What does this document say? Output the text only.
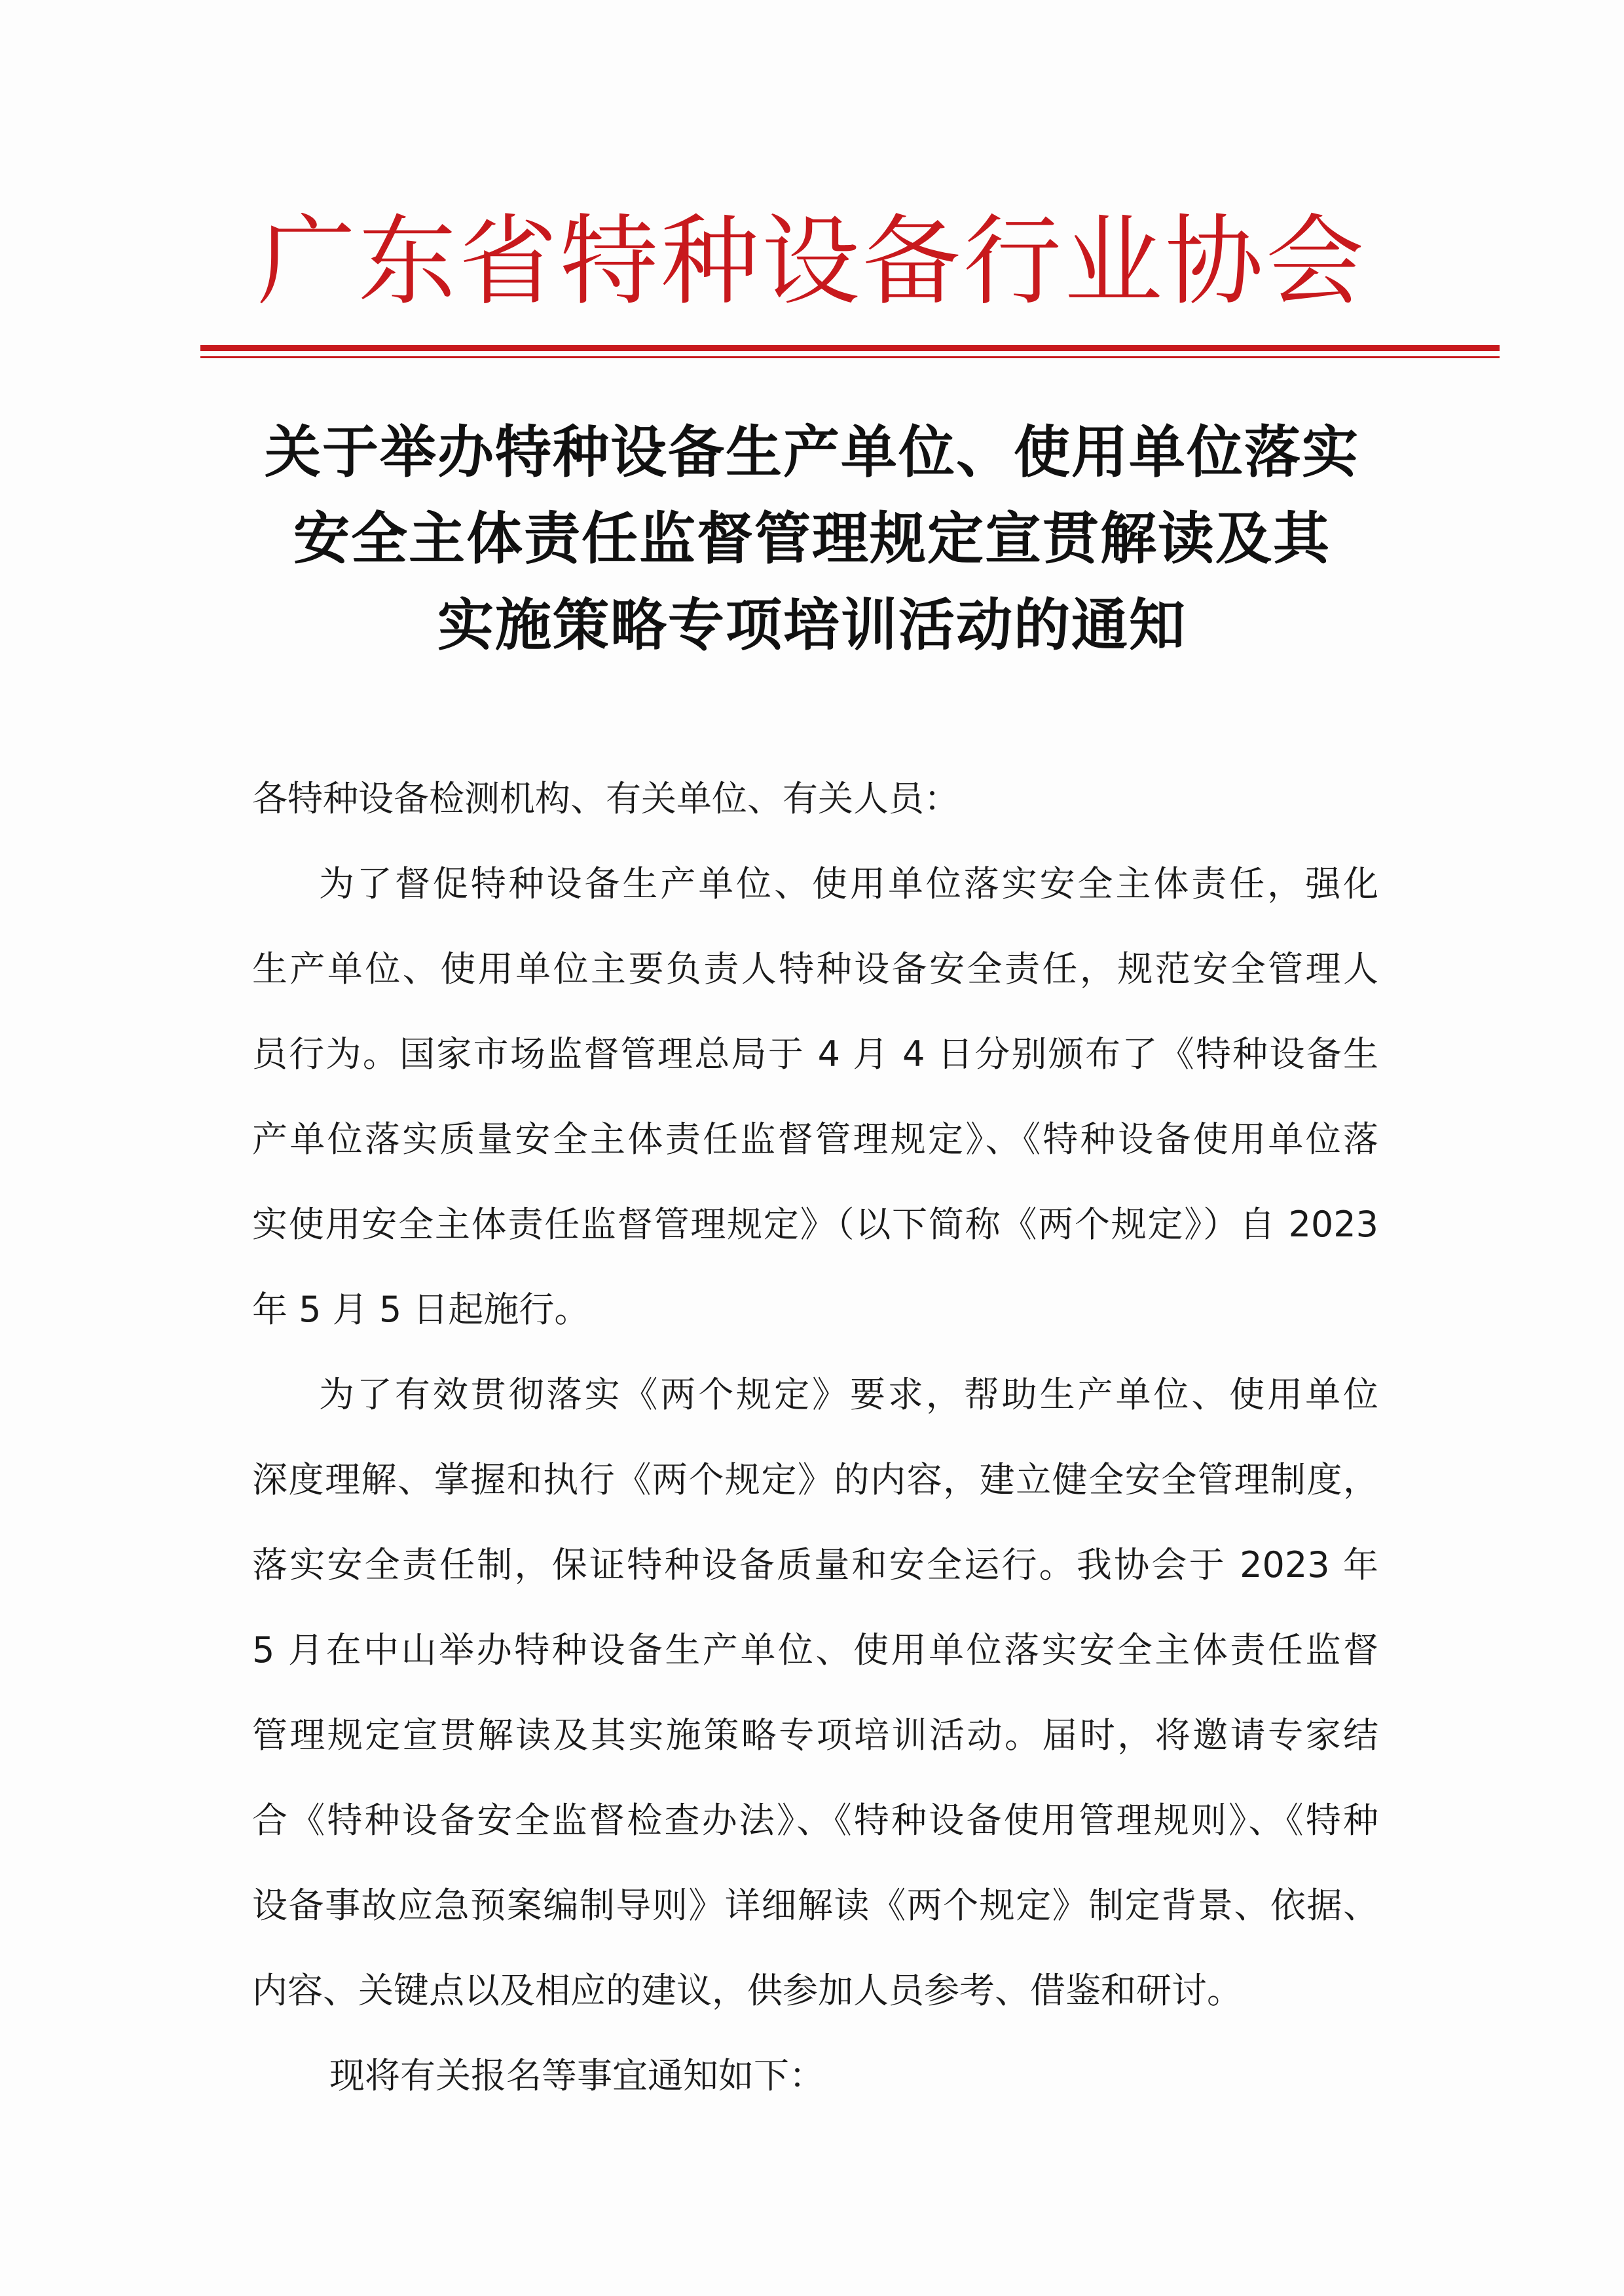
广东省特种设备行业协会
关于举办特种设备生产单位、使用单位落实
安全主体责任监督管理规定宣贯解读及其
实施策略专项培训活动的通知
各特种设备检测机构、有关单位、有关人员：
为了督促特种设备生产单位、使用单位落实安全主体责任，强化
生产单位、使用单位主要负责人特种设备安全责任，规范安全管理人
员行为。国家市场监督管理总局于 4 月 4 日分别颁布了《特种设备生
产单位落实质量安全主体责任监督管理规定》、《特种设备使用单位落
实使用安全主体责任监督管理规定》（以下简称《两个规定》）自 2023
年 5 月 5 日起施行。
为了有效贯彻落实《两个规定》要求，帮助生产单位、使用单位
深度理解、掌握和执行《两个规定》的内容，建立健全安全管理制度，
落实安全责任制，保证特种设备质量和安全运行。我协会于 2023 年
5 月在中山举办特种设备生产单位、使用单位落实安全主体责任监督
管理规定宣贯解读及其实施策略专项培训活动。届时，将邀请专家结
合《特种设备安全监督检查办法》、《特种设备使用管理规则》、《特种
设备事故应急预案编制导则》详细解读《两个规定》制定背景、依据、
内容、关键点以及相应的建议，供参加人员参考、借鉴和研讨。
现将有关报名等事宜通知如下：
